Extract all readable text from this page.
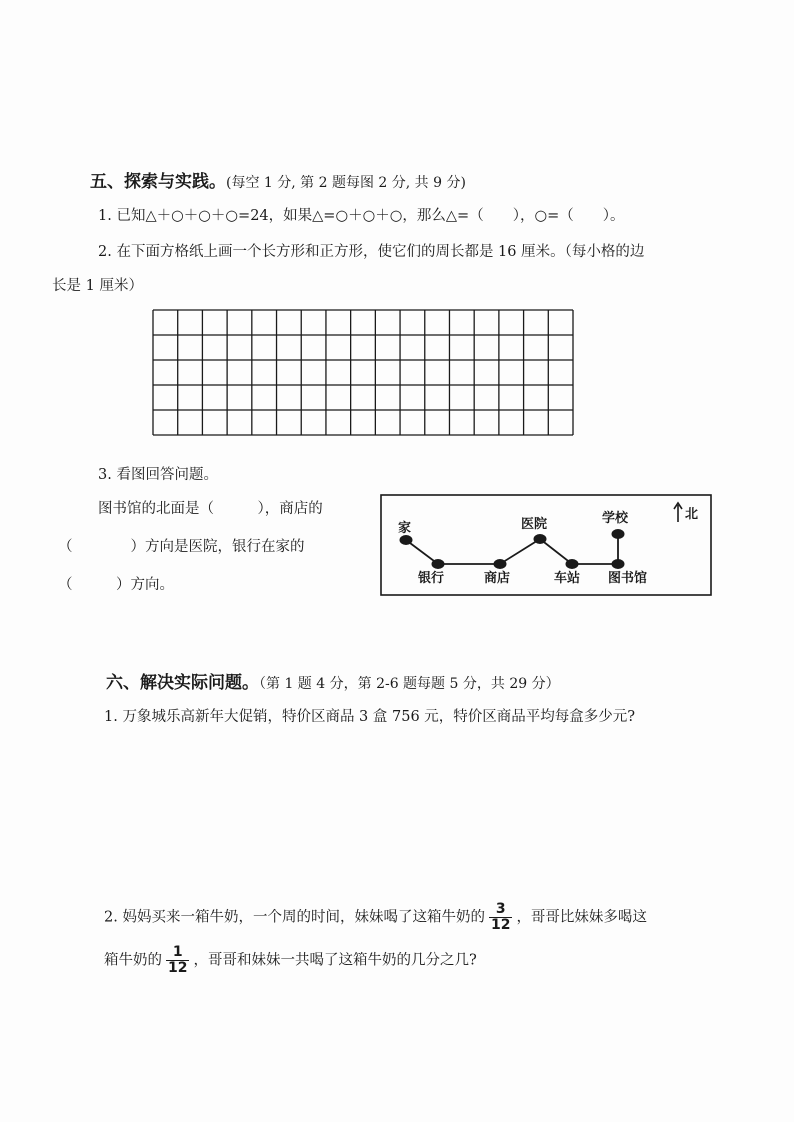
五、探索与实践。(每空 1 分, 第 2 题每图 2 分, 共 9 分)
1. 已知△＋○＋○＋○=24，如果△=○＋○＋○，那么△=（　　），○=（　　）。
2. 在下面方格纸上画一个长方形和正方形，使它们的周长都是 16 厘米。（每小格的边
长是 1 厘米）
3. 看图回答问题。
图书馆的北面是（　　　），商店的
（　　　　）方向是医院，银行在家的
（　　　）方向。
家
银行	商店
医院
车站 图书馆
学校	北
六、解决实际问题。（第 1 题 4 分，第 2-6 题每题 5 分，共 29 分）
1. 万象城乐高新年大促销，特价区商品 3 盒 756 元，特价区商品平均每盒多少元?
2. 妈妈买来一箱牛奶，一个周的时间，妹妹喝了这箱牛奶的 $\frac{3}{12}$ ，哥哥比妹妹多喝这
箱牛奶的 $\frac{1}{12}$ ，哥哥和妹妹一共喝了这箱牛奶的几分之几?
